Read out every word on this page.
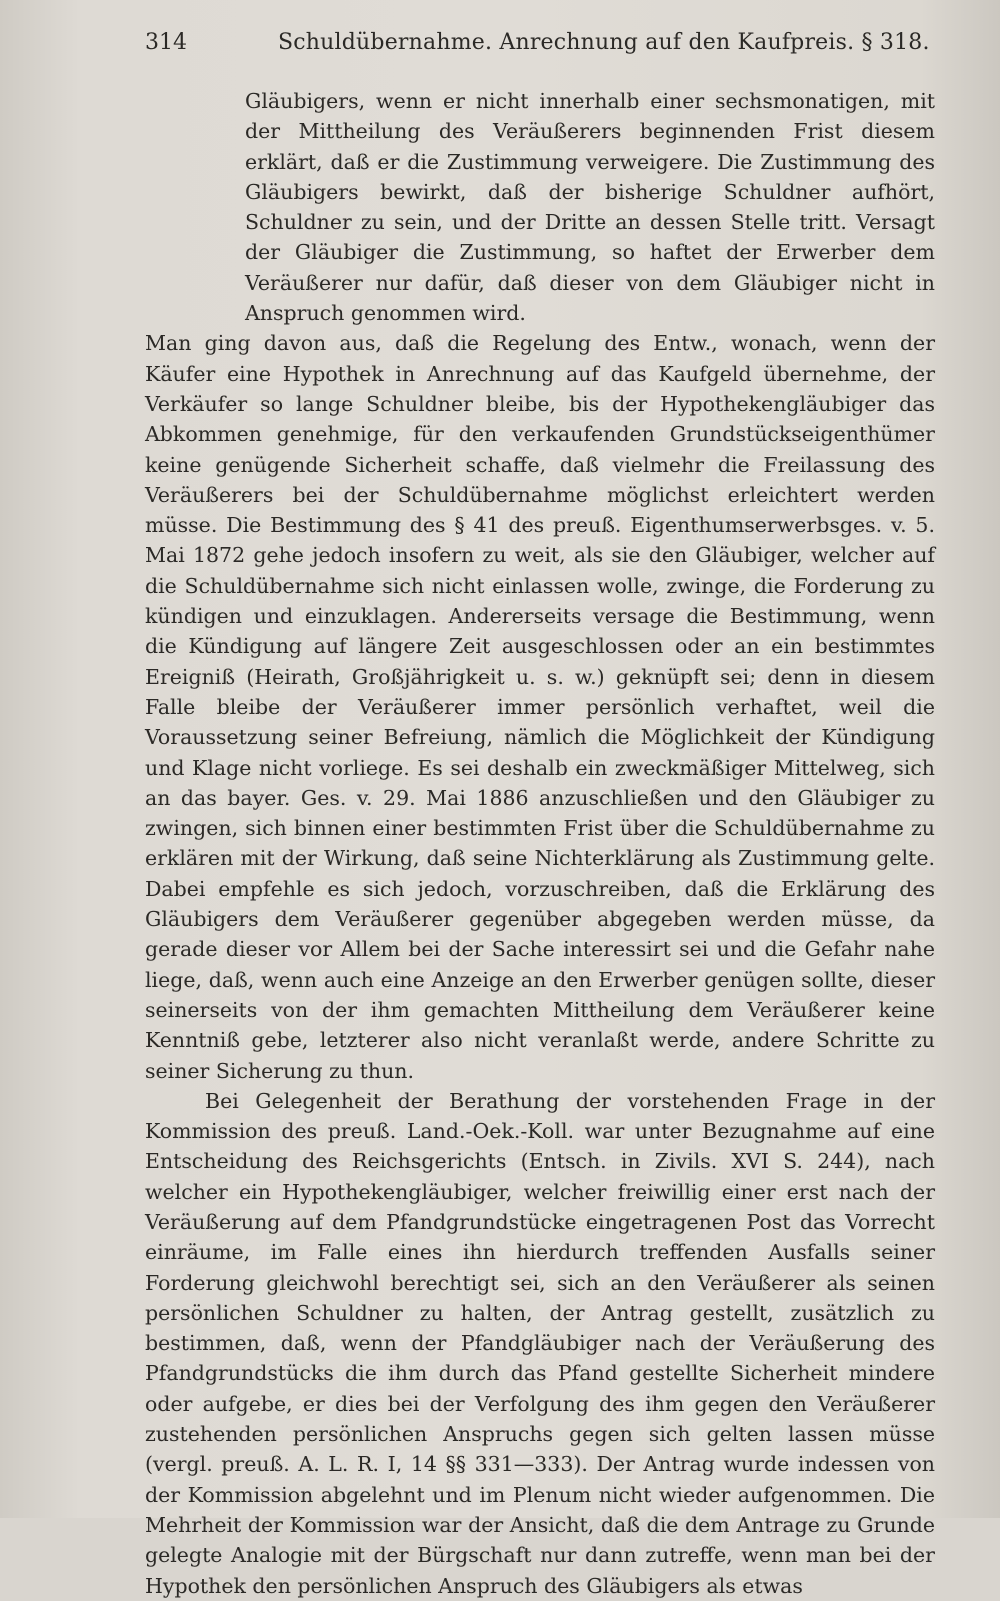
314	Schuldübernahme. Anrechnung auf den Kaufpreis. § 318.

Gläubigers, wenn er nicht innerhalb einer sechsmonatigen, mit der Mittheilung des Veräußerers beginnenden Frist diesem erklärt, daß er die Zustimmung verweigere. Die Zustimmung des Gläubigers bewirkt, daß der bisherige Schuldner aufhört, Schuldner zu sein, und der Dritte an dessen Stelle tritt. Versagt der Gläubiger die Zustimmung, so haftet der Erwerber dem Veräußerer nur dafür, daß dieser von dem Gläubiger nicht in Anspruch genommen wird.

Man ging davon aus, daß die Regelung des Entw., wonach, wenn der Käufer eine Hypothek in Anrechnung auf das Kaufgeld übernehme, der Verkäufer so lange Schuldner bleibe, bis der Hypothekengläubiger das Abkommen genehmige, für den verkaufenden Grundstückseigenthümer keine genügende Sicherheit schaffe, daß vielmehr die Freilassung des Veräußerers bei der Schuldübernahme möglichst erleichtert werden müsse. Die Bestimmung des § 41 des preuß. Eigenthumserwerbsges. v. 5. Mai 1872 gehe jedoch insofern zu weit, als sie den Gläubiger, welcher auf die Schuldübernahme sich nicht einlassen wolle, zwinge, die Forderung zu kündigen und einzuklagen. Andererseits versage die Bestimmung, wenn die Kündigung auf längere Zeit ausgeschlossen oder an ein bestimmtes Ereigniß (Heirath, Großjährigkeit u. s. w.) geknüpft sei; denn in diesem Falle bleibe der Veräußerer immer persönlich verhaftet, weil die Voraussetzung seiner Befreiung, nämlich die Möglichkeit der Kündigung und Klage nicht vorliege. Es sei deshalb ein zweckmäßiger Mittelweg, sich an das bayer. Ges. v. 29. Mai 1886 anzuschließen und den Gläubiger zu zwingen, sich binnen einer bestimmten Frist über die Schuldübernahme zu erklären mit der Wirkung, daß seine Nichterklärung als Zustimmung gelte. Dabei empfehle es sich jedoch, vorzuschreiben, daß die Erklärung des Gläubigers dem Veräußerer gegenüber abgegeben werden müsse, da gerade dieser vor Allem bei der Sache interessirt sei und die Gefahr nahe liege, daß, wenn auch eine Anzeige an den Erwerber genügen sollte, dieser seinerseits von der ihm gemachten Mittheilung dem Veräußerer keine Kenntniß gebe, letzterer also nicht veranlaßt werde, andere Schritte zu seiner Sicherung zu thun.

Bei Gelegenheit der Berathung der vorstehenden Frage in der Kommission des preuß. Land.-Oek.-Koll. war unter Bezugnahme auf eine Entscheidung des Reichsgerichts (Entsch. in Zivils. XVI S. 244), nach welcher ein Hypothekengläubiger, welcher freiwillig einer erst nach der Veräußerung auf dem Pfandgrundstücke eingetragenen Post das Vorrecht einräume, im Falle eines ihn hierdurch treffenden Ausfalls seiner Forderung gleichwohl berechtigt sei, sich an den Veräußerer als seinen persönlichen Schuldner zu halten, der Antrag gestellt, zusätzlich zu bestimmen, daß, wenn der Pfandgläubiger nach der Veräußerung des Pfandgrundstücks die ihm durch das Pfand gestellte Sicherheit mindere oder aufgebe, er dies bei der Verfolgung des ihm gegen den Veräußerer zustehenden persönlichen Anspruchs gegen sich gelten lassen müsse (vergl. preuß. A. L. R. I, 14 §§ 331—333). Der Antrag wurde indessen von der Kommission abgelehnt und im Plenum nicht wieder aufgenommen. Die Mehrheit der Kommission war der Ansicht, daß die dem Antrage zu Grunde gelegte Analogie mit der Bürgschaft nur dann zutreffe, wenn man bei der Hypothek den persönlichen Anspruch des Gläubigers als etwas
